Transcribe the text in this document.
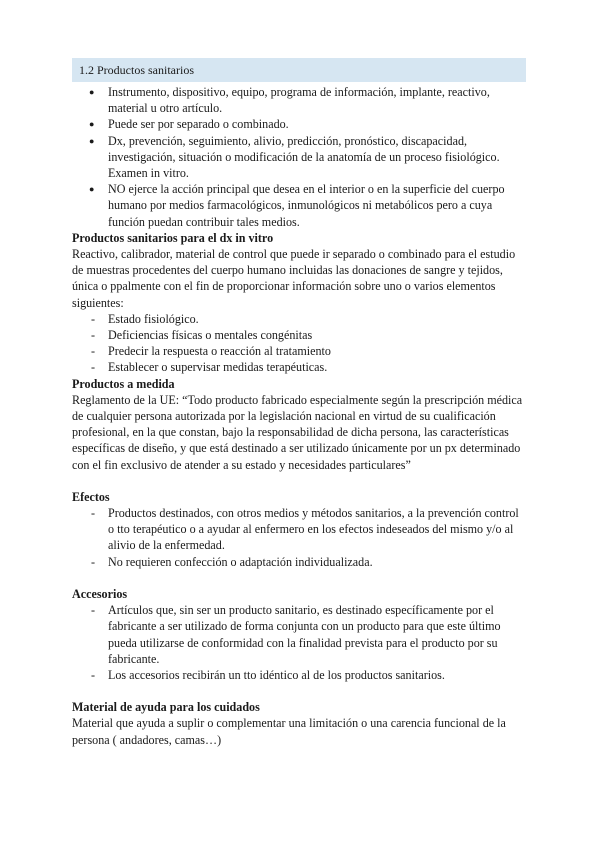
1.2 Productos sanitarios
● Instrumento, dispositivo, equipo, programa de información, implante, reactivo, material u otro artículo.
● Puede ser por separado o combinado.
● Dx, prevención, seguimiento, alivio, predicción, pronóstico, discapacidad, investigación, situación o modificación de la anatomía de un proceso fisiológico. Examen in vitro.
● NO ejerce la acción principal que desea en el interior o en la superficie del cuerpo humano por medios farmacológicos, inmunológicos ni metabólicos pero a cuya función puedan contribuir tales medios.
Productos sanitarios para el dx in vitro

Reactivo, calibrador, material de control que puede ir separado o combinado para el estudio de muestras procedentes del cuerpo humano incluidas las donaciones de sangre y tejidos, única o ppalmente con el fin de proporcionar información sobre uno o varios elementos siguientes:

- Estado fisiológico.
- Deficiencias físicas o mentales congénitas
- Predecir la respuesta o reacción al tratamiento
- Establecer o supervisar medidas terapéuticas.
Productos a medida

Reglamento de la UE: “Todo producto fabricado especialmente según la prescripción médica de cualquier persona autorizada por la legislación nacional en virtud de su cualificación profesional, en la que constan, bajo la responsabilidad de dicha persona, las características específicas de diseño, y que está destinado a ser utilizado únicamente por un px determinado con el fin exclusivo de atender a su estado y necesidades particulares”

Efectos
- Productos destinados, con otros medios y métodos sanitarios, a la prevención control o tto terapéutico o a ayudar al enfermero en los efectos indeseados del mismo y/o al alivio de la enfermedad.
- No requieren confección o adaptación individualizada.
Accesorios
- Artículos que, sin ser un producto sanitario, es destinado específicamente por el fabricante a ser utilizado de forma conjunta con un producto para que este último pueda utilizarse de conformidad con la finalidad prevista para el producto por su fabricante.
- Los accesorios recibirán un tto idéntico al de los productos sanitarios.
Material de ayuda para los cuidados

Material que ayuda a suplir o complementar una limitación o una carencia funcional de la persona ( andadores, camas…)
